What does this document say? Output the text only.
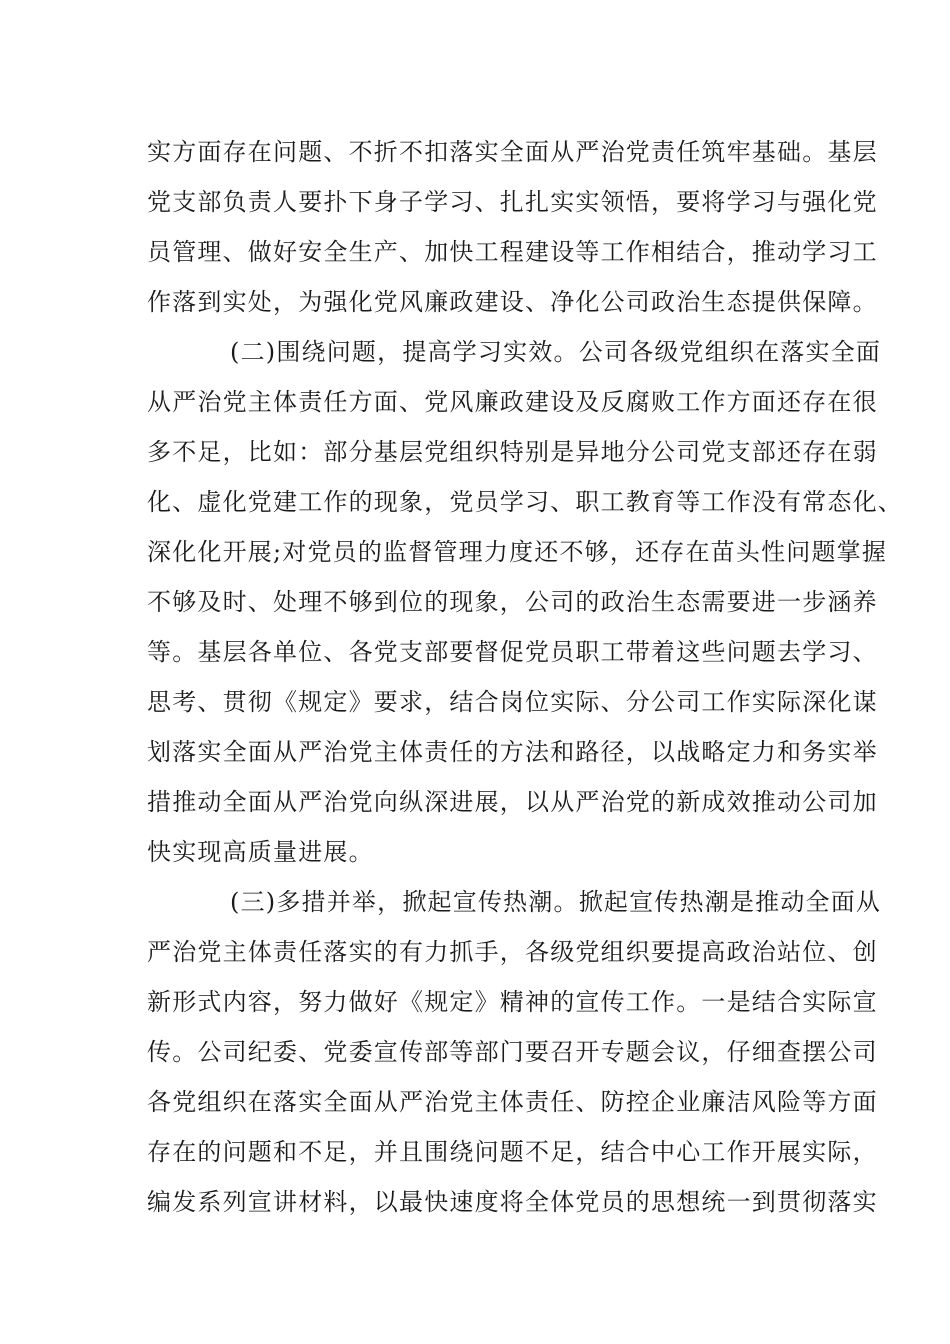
实方面存在问题、不折不扣落实全面从严治党责任筑牢基础。基层

党支部负责人要扑下身子学习、扎扎实实领悟，要将学习与强化党

员管理、做好安全生产、加快工程建设等工作相结合，推动学习工

作落到实处，为强化党风廉政建设、净化公司政治生态提供保障。

(二)围绕问题，提高学习实效。公司各级党组织在落实全面

从严治党主体责任方面、党风廉政建设及反腐败工作方面还存在很

多不足，比如：部分基层党组织特别是异地分公司党支部还存在弱

化、虚化党建工作的现象，党员学习、职工教育等工作没有常态化、

深化化开展;对党员的监督管理力度还不够，还存在苗头性问题掌握

不够及时、处理不够到位的现象，公司的政治生态需要进一步涵养

等。基层各单位、各党支部要督促党员职工带着这些问题去学习、

思考、贯彻《规定》要求，结合岗位实际、分公司工作实际深化谋

划落实全面从严治党主体责任的方法和路径，以战略定力和务实举

措推动全面从严治党向纵深进展，以从严治党的新成效推动公司加

快实现高质量进展。

(三)多措并举，掀起宣传热潮。掀起宣传热潮是推动全面从

严治党主体责任落实的有力抓手，各级党组织要提高政治站位、创

新形式内容，努力做好《规定》精神的宣传工作。一是结合实际宣

传。公司纪委、党委宣传部等部门要召开专题会议，仔细查摆公司

各党组织在落实全面从严治党主体责任、防控企业廉洁风险等方面

存在的问题和不足，并且围绕问题不足，结合中心工作开展实际，

编发系列宣讲材料，以最快速度将全体党员的思想统一到贯彻落实
